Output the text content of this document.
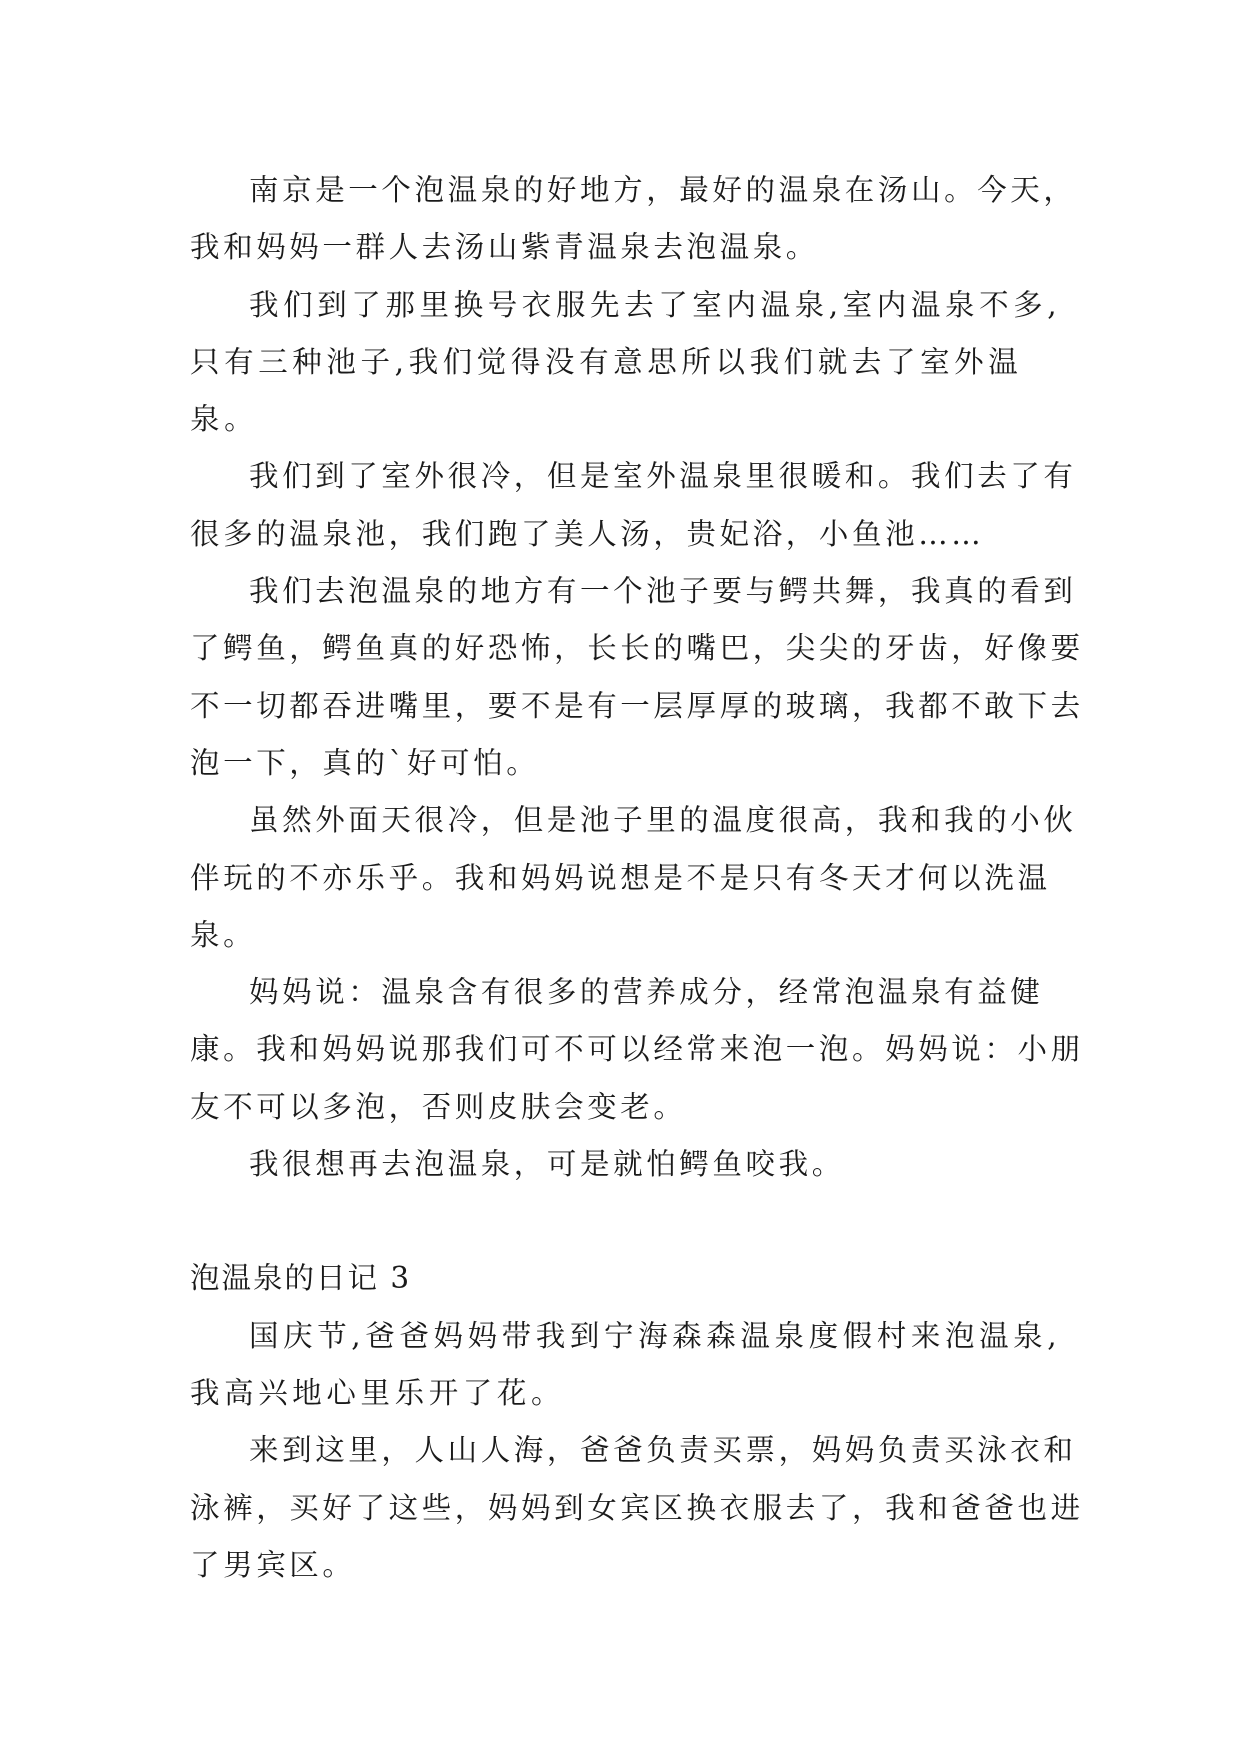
南京是一个泡温泉的好地方，最好的温泉在汤山。今天，我和妈妈一群人去汤山紫青温泉去泡温泉。

我们到了那里换号衣服先去了室内温泉,室内温泉不多,只有三种池子,我们觉得没有意思所以我们就去了室外温泉。

我们到了室外很冷，但是室外温泉里很暖和。我们去了有很多的温泉池，我们跑了美人汤，贵妃浴，小鱼池……

我们去泡温泉的地方有一个池子要与鳄共舞，我真的看到了鳄鱼，鳄鱼真的好恐怖，长长的嘴巴，尖尖的牙齿，好像要不一切都吞进嘴里，要不是有一层厚厚的玻璃，我都不敢下去泡一下，真的`好可怕。

虽然外面天很冷，但是池子里的温度很高，我和我的小伙伴玩的不亦乐乎。我和妈妈说想是不是只有冬天才何以洗温泉。

妈妈说：温泉含有很多的营养成分，经常泡温泉有益健康。我和妈妈说那我们可不可以经常来泡一泡。妈妈说：小朋友不可以多泡，否则皮肤会变老。

我很想再去泡温泉，可是就怕鳄鱼咬我。

泡温泉的日记 3

国庆节,爸爸妈妈带我到宁海森森温泉度假村来泡温泉,我高兴地心里乐开了花。

来到这里，人山人海，爸爸负责买票，妈妈负责买泳衣和泳裤，买好了这些，妈妈到女宾区换衣服去了，我和爸爸也进了男宾区。
